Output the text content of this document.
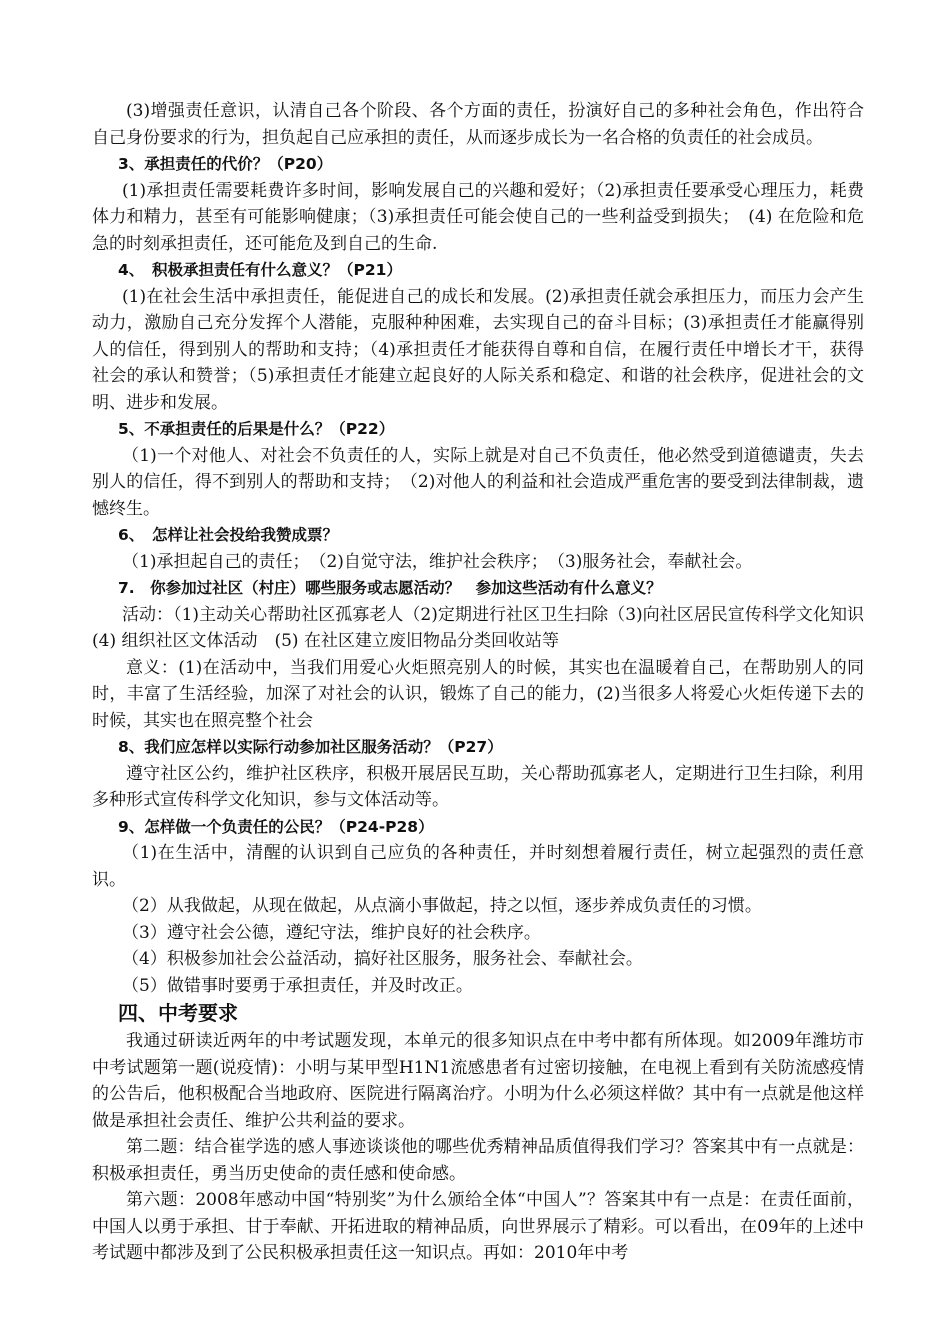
(3)增强责任意识，认清自己各个阶段、各个方面的责任，扮演好自己的多种社会角色，作出符合自己身份要求的行为，担负起自己应承担的责任，从而逐步成长为一名合格的负责任的社会成员。

3、承担责任的代价？（P20）

(1)承担责任需要耗费许多时间，影响发展自己的兴趣和爱好；（2)承担责任要承受心理压力，耗费体力和精力，甚至有可能影响健康；（3)承担责任可能会使自己的一些利益受到损失；　(4) 在危险和危急的时刻承担责任，还可能危及到自己的生命.

4、　积极承担责任有什么意义？（P21）

(1)在社会生活中承担责任，能促进自己的成长和发展。(2)承担责任就会承担压力，而压力会产生动力，激励自己充分发挥个人潜能，克服种种困难，去实现自己的奋斗目标；(3)承担责任才能赢得别人的信任，得到别人的帮助和支持；（4)承担责任才能获得自尊和自信，在履行责任中增长才干，获得社会的承认和赞誉；（5)承担责任才能建立起良好的人际关系和稳定、和谐的社会秩序，促进社会的文明、进步和发展。

5、不承担责任的后果是什么？（P22）

（1)一个对他人、对社会不负责任的人，实际上就是对自己不负责任，他必然受到道德谴责，失去别人的信任，得不到别人的帮助和支持；　（2)对他人的利益和社会造成严重危害的要受到法律制裁，遗憾终生。

6、　怎样让社会投给我赞成票？

（1)承担起自己的责任；　（2)自觉守法，维护社会秩序；　（3)服务社会，奉献社会。

7.　你参加过社区（村庄）哪些服务或志愿活动？　参加这些活动有什么意义？

活动：（1)主动关心帮助社区孤寡老人（2)定期进行社区卫生扫除（3)向社区居民宣传科学文化知识　(4) 组织社区文体活动　(5) 在社区建立废旧物品分类回收站等

意义：(1)在活动中，当我们用爱心火炬照亮别人的时候，其实也在温暖着自己，在帮助别人的同时，丰富了生活经验，加深了对社会的认识，锻炼了自己的能力，(2)当很多人将爱心火炬传递下去的时候，其实也在照亮整个社会

8、我们应怎样以实际行动参加社区服务活动？（P27）

遵守社区公约，维护社区秩序，积极开展居民互助，关心帮助孤寡老人，定期进行卫生扫除，利用多种形式宣传科学文化知识，参与文体活动等。

9、怎样做一个负责任的公民？（P24-P28）

（1)在生活中，清醒的认识到自己应负的各种责任，并时刻想着履行责任，树立起强烈的责任意识。

（2）从我做起，从现在做起，从点滴小事做起，持之以恒，逐步养成负责任的习惯。

（3）遵守社会公德，遵纪守法，维护良好的社会秩序。

（4）积极参加社会公益活动，搞好社区服务，服务社会、奉献社会。

（5）做错事时要勇于承担责任，并及时改正。

四、中考要求

我通过研读近两年的中考试题发现，本单元的很多知识点在中考中都有所体现。如2009年潍坊市中考试题第一题(说疫情)：小明与某甲型H1N1流感患者有过密切接触，在电视上看到有关防流感疫情的公告后，他积极配合当地政府、医院进行隔离治疗。小明为什么必须这样做？其中有一点就是他这样做是承担社会责任、维护公共利益的要求。

第二题：结合崔学选的感人事迹谈谈他的哪些优秀精神品质值得我们学习？答案其中有一点就是：积极承担责任，勇当历史使命的责任感和使命感。

第六题：2008年感动中国“特别奖”为什么颁给全体“中国人”？答案其中有一点是：在责任面前，中国人以勇于承担、甘于奉献、开拓进取的精神品质，向世界展示了精彩。可以看出，在09年的上述中考试题中都涉及到了公民积极承担责任这一知识点。再如：2010年中考
